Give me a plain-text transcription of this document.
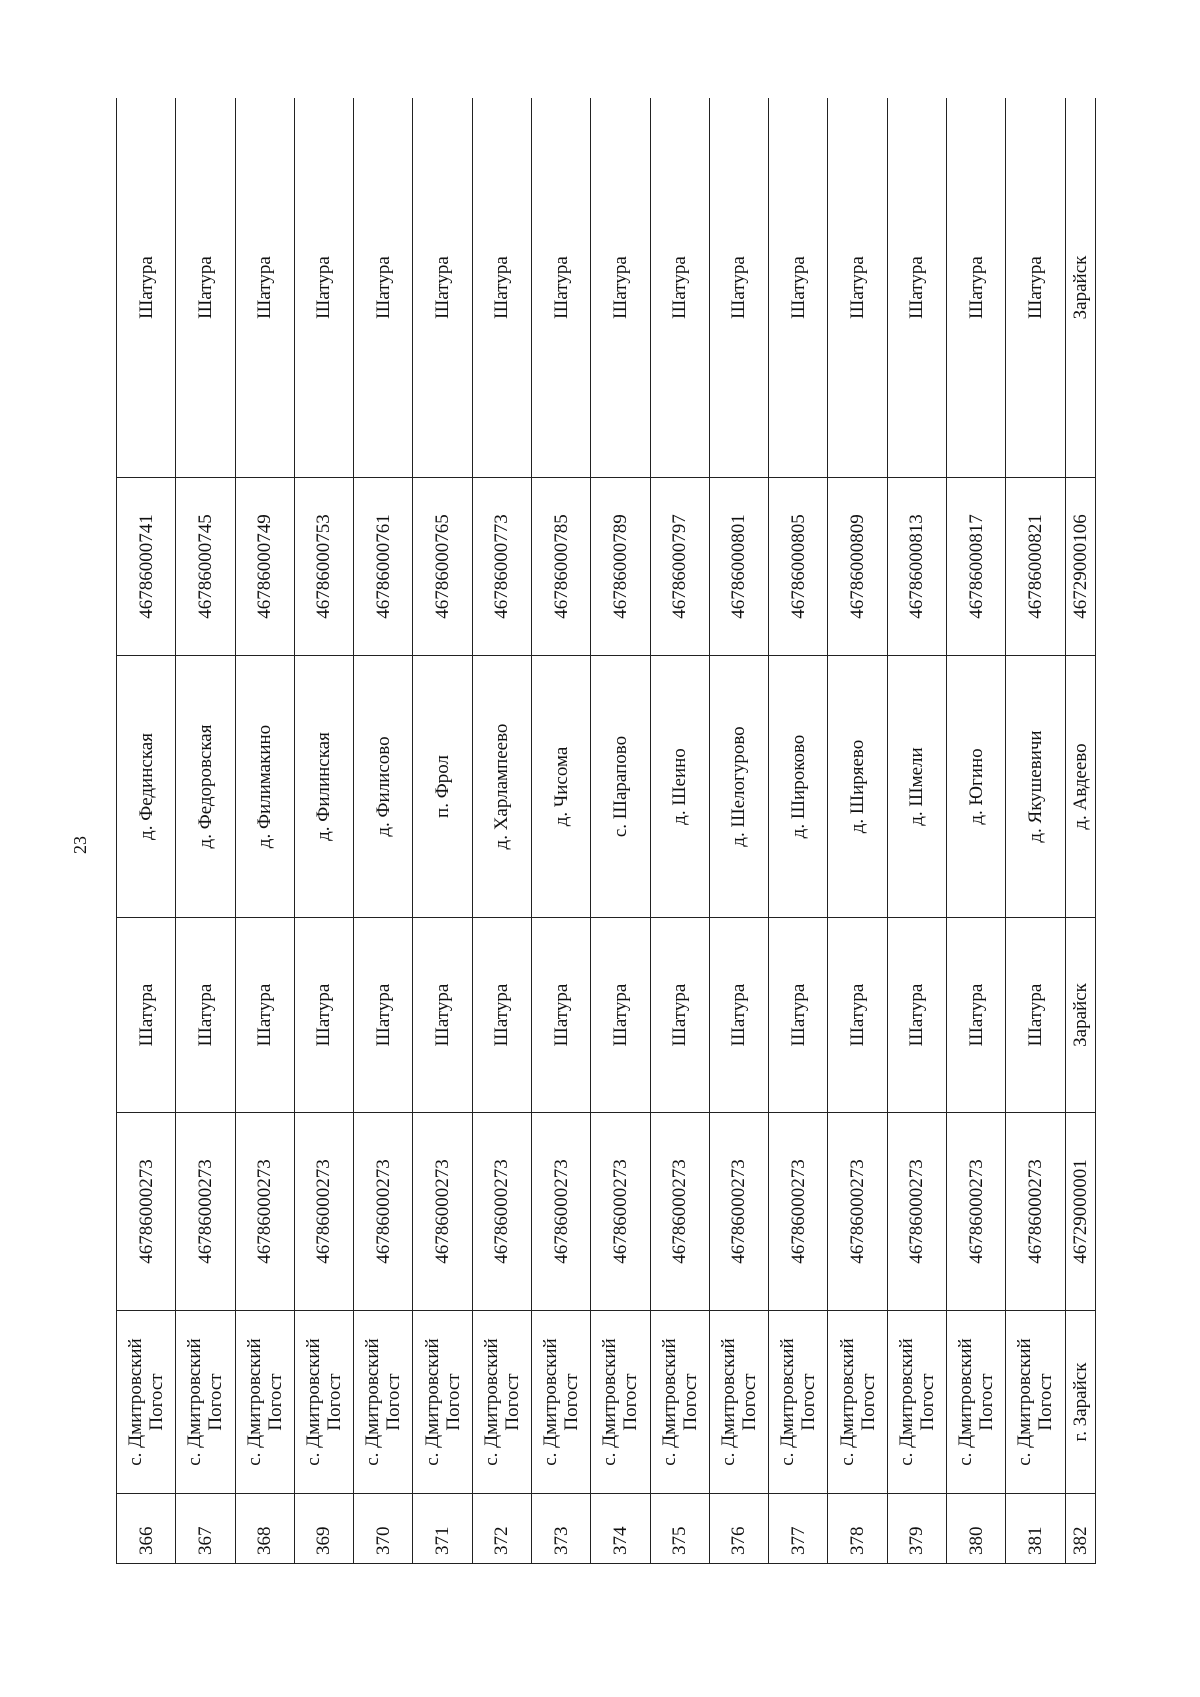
23
366	с. Дмитровский Погост	46786000273	Шатура	д. Фединская	46786000741	Шатура
367	с. Дмитровский Погост	46786000273	Шатура	д. Федоровская	46786000745	Шатура
368	с. Дмитровский Погост	46786000273	Шатура	д. Филимакино	46786000749	Шатура
369	с. Дмитровский Погост	46786000273	Шатура	д. Филинская	46786000753	Шатура
370	с. Дмитровский Погост	46786000273	Шатура	д. Филисово	46786000761	Шатура
371	с. Дмитровский Погост	46786000273	Шатура	п. Фрол	46786000765	Шатура
372	с. Дмитровский Погост	46786000273	Шатура	д. Харлампеево	46786000773	Шатура
373	с. Дмитровский Погост	46786000273	Шатура	д. Чисома	46786000785	Шатура
374	с. Дмитровский Погост	46786000273	Шатура	с. Шарапово	46786000789	Шатура
375	с. Дмитровский Погост	46786000273	Шатура	д. Шеино	46786000797	Шатура
376	с. Дмитровский Погост	46786000273	Шатура	д. Шелогурово	46786000801	Шатура
377	с. Дмитровский Погост	46786000273	Шатура	д. Широково	46786000805	Шатура
378	с. Дмитровский Погост	46786000273	Шатура	д. Ширяево	46786000809	Шатура
379	с. Дмитровский Погост	46786000273	Шатура	д. Шмели	46786000813	Шатура
380	с. Дмитровский Погост	46786000273	Шатура	д. Югино	46786000817	Шатура
381	с. Дмитровский Погост	46786000273	Шатура	д. Якушевичи	46786000821	Шатура
382	г. Зарайск	46729000001	Зарайск	д. Авдеево	46729000106	Зарайск
